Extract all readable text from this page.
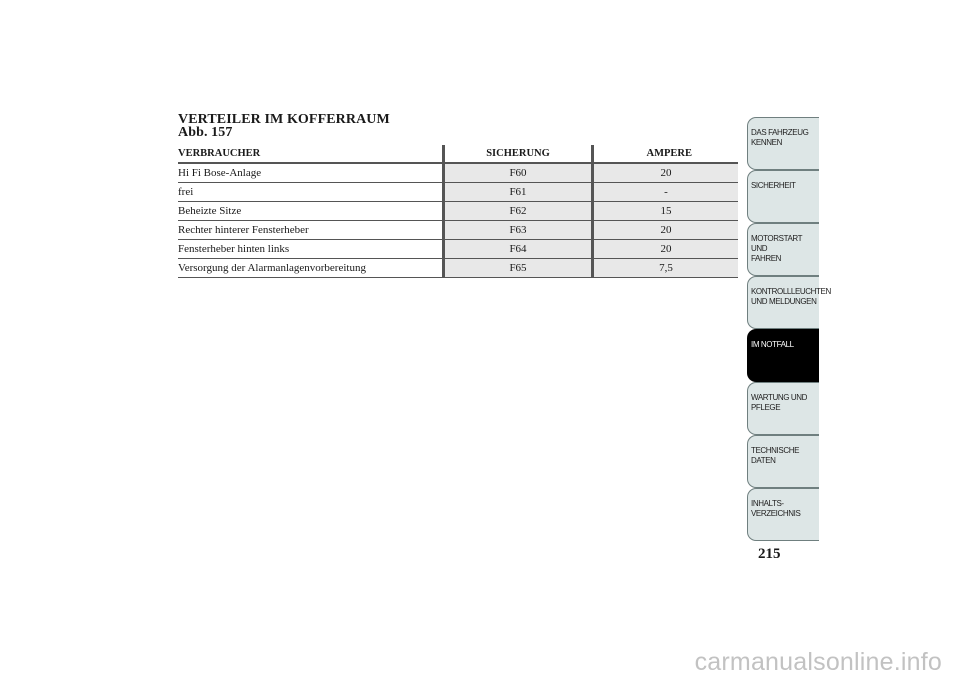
VERTEILER IM KOFFERRAUM
Abb. 157
VERBRAUCHER	SICHERUNG	AMPERE
Hi Fi Bose-Anlage	F60	20
frei	F61	-
Beheizte Sitze	F62	15
Rechter hinterer Fensterheber	F63	20
Fensterheber hinten links	F64	20
Versorgung der Alarmanlagenvorbereitung	F65	7,5
DAS FAHRZEUG
KENNEN
SICHERHEIT
MOTORSTART UND
FAHREN
KONTROLLLEUCHTEN
UND MELDUNGEN
IM NOTFALL
WARTUNG UND
PFLEGE
TECHNISCHE
DATEN
INHALTS-
VERZEICHNIS
215
carmanualsonline.info
